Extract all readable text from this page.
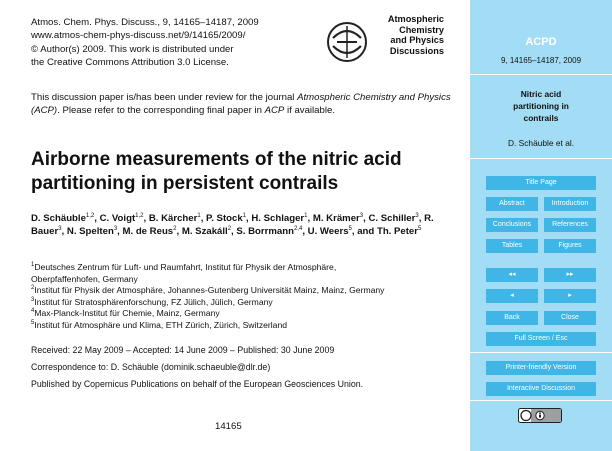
Atmos. Chem. Phys. Discuss., 9, 14165–14187, 2009
www.atmos-chem-phys-discuss.net/9/14165/2009/
© Author(s) 2009. This work is distributed under
the Creative Commons Attribution 3.0 License.
Atmospheric
Chemistry
and Physics
Discussions
This discussion paper is/has been under review for the journal Atmospheric Chemistry and Physics (ACP). Please refer to the corresponding final paper in ACP if available.
Airborne measurements of the nitric acid partitioning in persistent contrails
D. Schäuble$^{1,2}$, C. Voigt$^{1,2}$, B. Kärcher$^1$, P. Stock$^1$, H. Schlager$^1$, M. Krämer$^3$, C. Schiller$^3$, R. Bauer$^3$, N. Spelten$^3$, M. de Reus$^2$, M. Szakáll$^2$, S. Borrmann$^{2,4}$, U. Weers$^5$, and Th. Peter$^5$
$^1$Deutsches Zentrum für Luft- und Raumfahrt, Institut für Physik der Atmosphäre,
Oberpfaffenhofen, Germany
$^2$Institut für Physik der Atmosphäre, Johannes-Gutenberg Universität Mainz, Mainz, Germany
$^3$Institut für Stratosphärenforschung, FZ Jülich, Jülich, Germany
$^4$Max-Planck-Institut für Chemie, Mainz, Germany
$^5$Institut für Atmosphäre und Klima, ETH Zürich, Zürich, Switzerland
Received: 22 May 2009 – Accepted: 14 June 2009 – Published: 30 June 2009
Correspondence to: D. Schäuble (dominik.schaeuble@dlr.de)
Published by Copernicus Publications on behalf of the European Geosciences Union.
14165
ACPD
9, 14165–14187, 2009
Nitric acid
partitioning in
contrails
D. Schäuble et al.
Title Page
Abstract	Introduction
Conclusions	References
Tables	Figures
◂◂	▸▸
◂	▸
Back	Close
Full Screen / Esc
Printer-friendly Version
Interactive Discussion
